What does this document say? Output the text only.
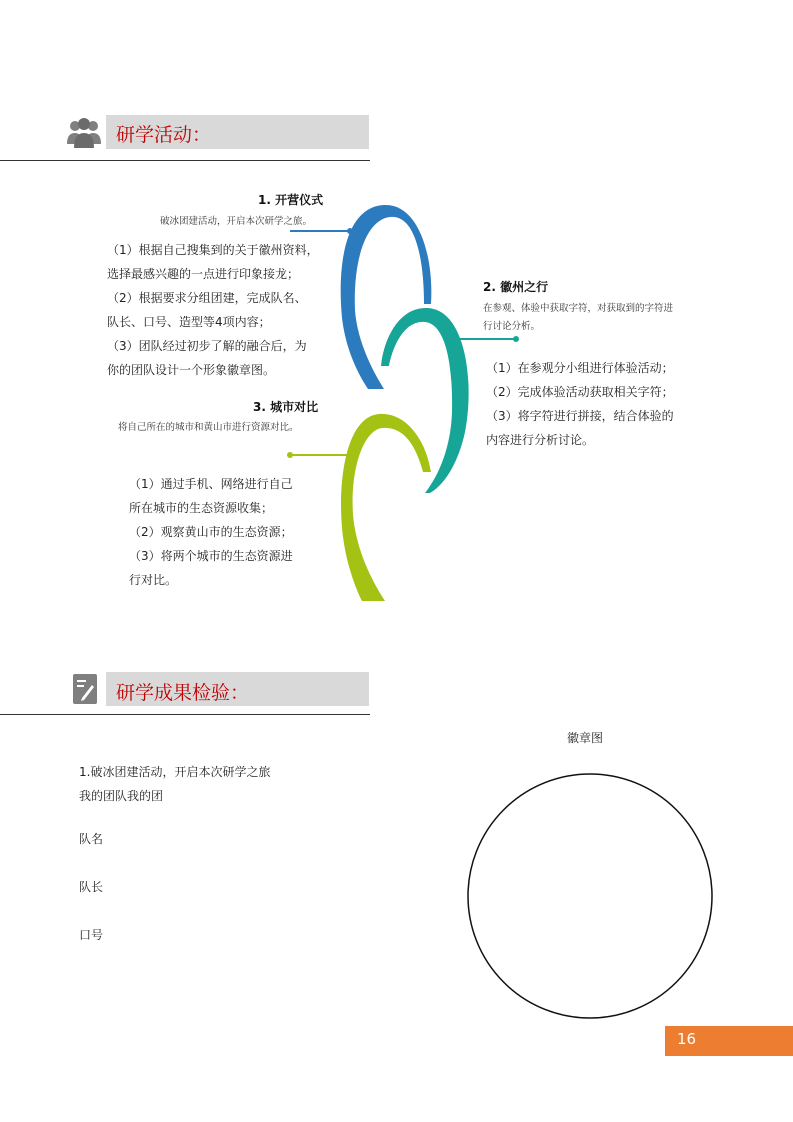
研学活动：
1. 开营仪式
破冰团建活动，开启本次研学之旅。
（1）根据自己搜集到的关于徽州资料，
选择最感兴趣的一点进行印象接龙；
（2）根据要求分组团建，完成队名、
队长、口号、造型等4项内容；
（3）团队经过初步了解的融合后，为
你的团队设计一个形象徽章图。
2. 徽州之行
在参观、体验中获取字符，对获取到的字符进
行讨论分析。
（1）在参观分小组进行体验活动；
（2）完成体验活动获取相关字符；
（3）将字符进行拼接，结合体验的
内容进行分析讨论。
3. 城市对比
将自己所在的城市和黄山市进行资源对比。
（1）通过手机、网络进行自己
所在城市的生态资源收集；
（2）观察黄山市的生态资源；
（3）将两个城市的生态资源进
行对比。
研学成果检验：
1.破冰团建活动，开启本次研学之旅
我的团队我的团
队名
队长
口号
徽章图
16
